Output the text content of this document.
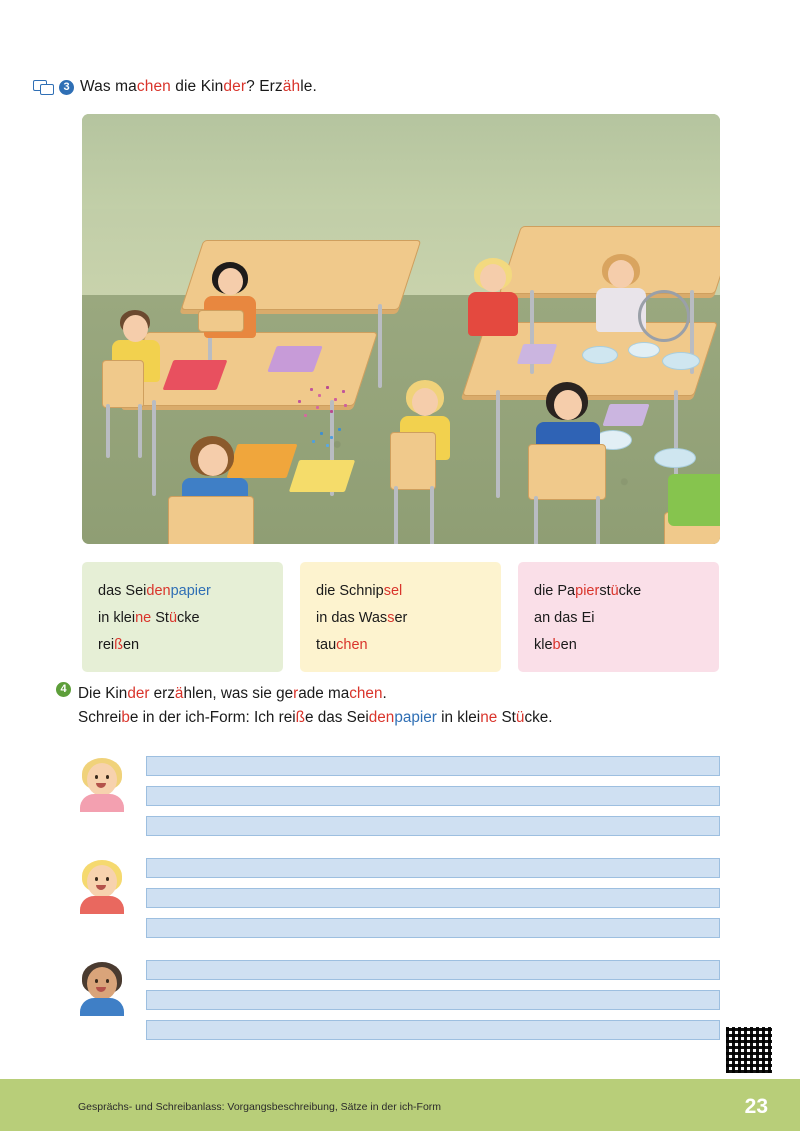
3 Was machen die Kinder? Erzähle.
das Seidenpapier
in kleine Stücke
reißen
die Schnipsel
in das Wasser
tauchen
die Papierstücke
an das Ei
kleben
4 Die Kinder erzählen, was sie gerade machen.
Schreibe in der ich-Form: Ich reiße das Seidenpapier in kleine Stücke.
Gesprächs- und Schreibanlass: Vorgangsbeschreibung, Sätze in der ich-Form	23
